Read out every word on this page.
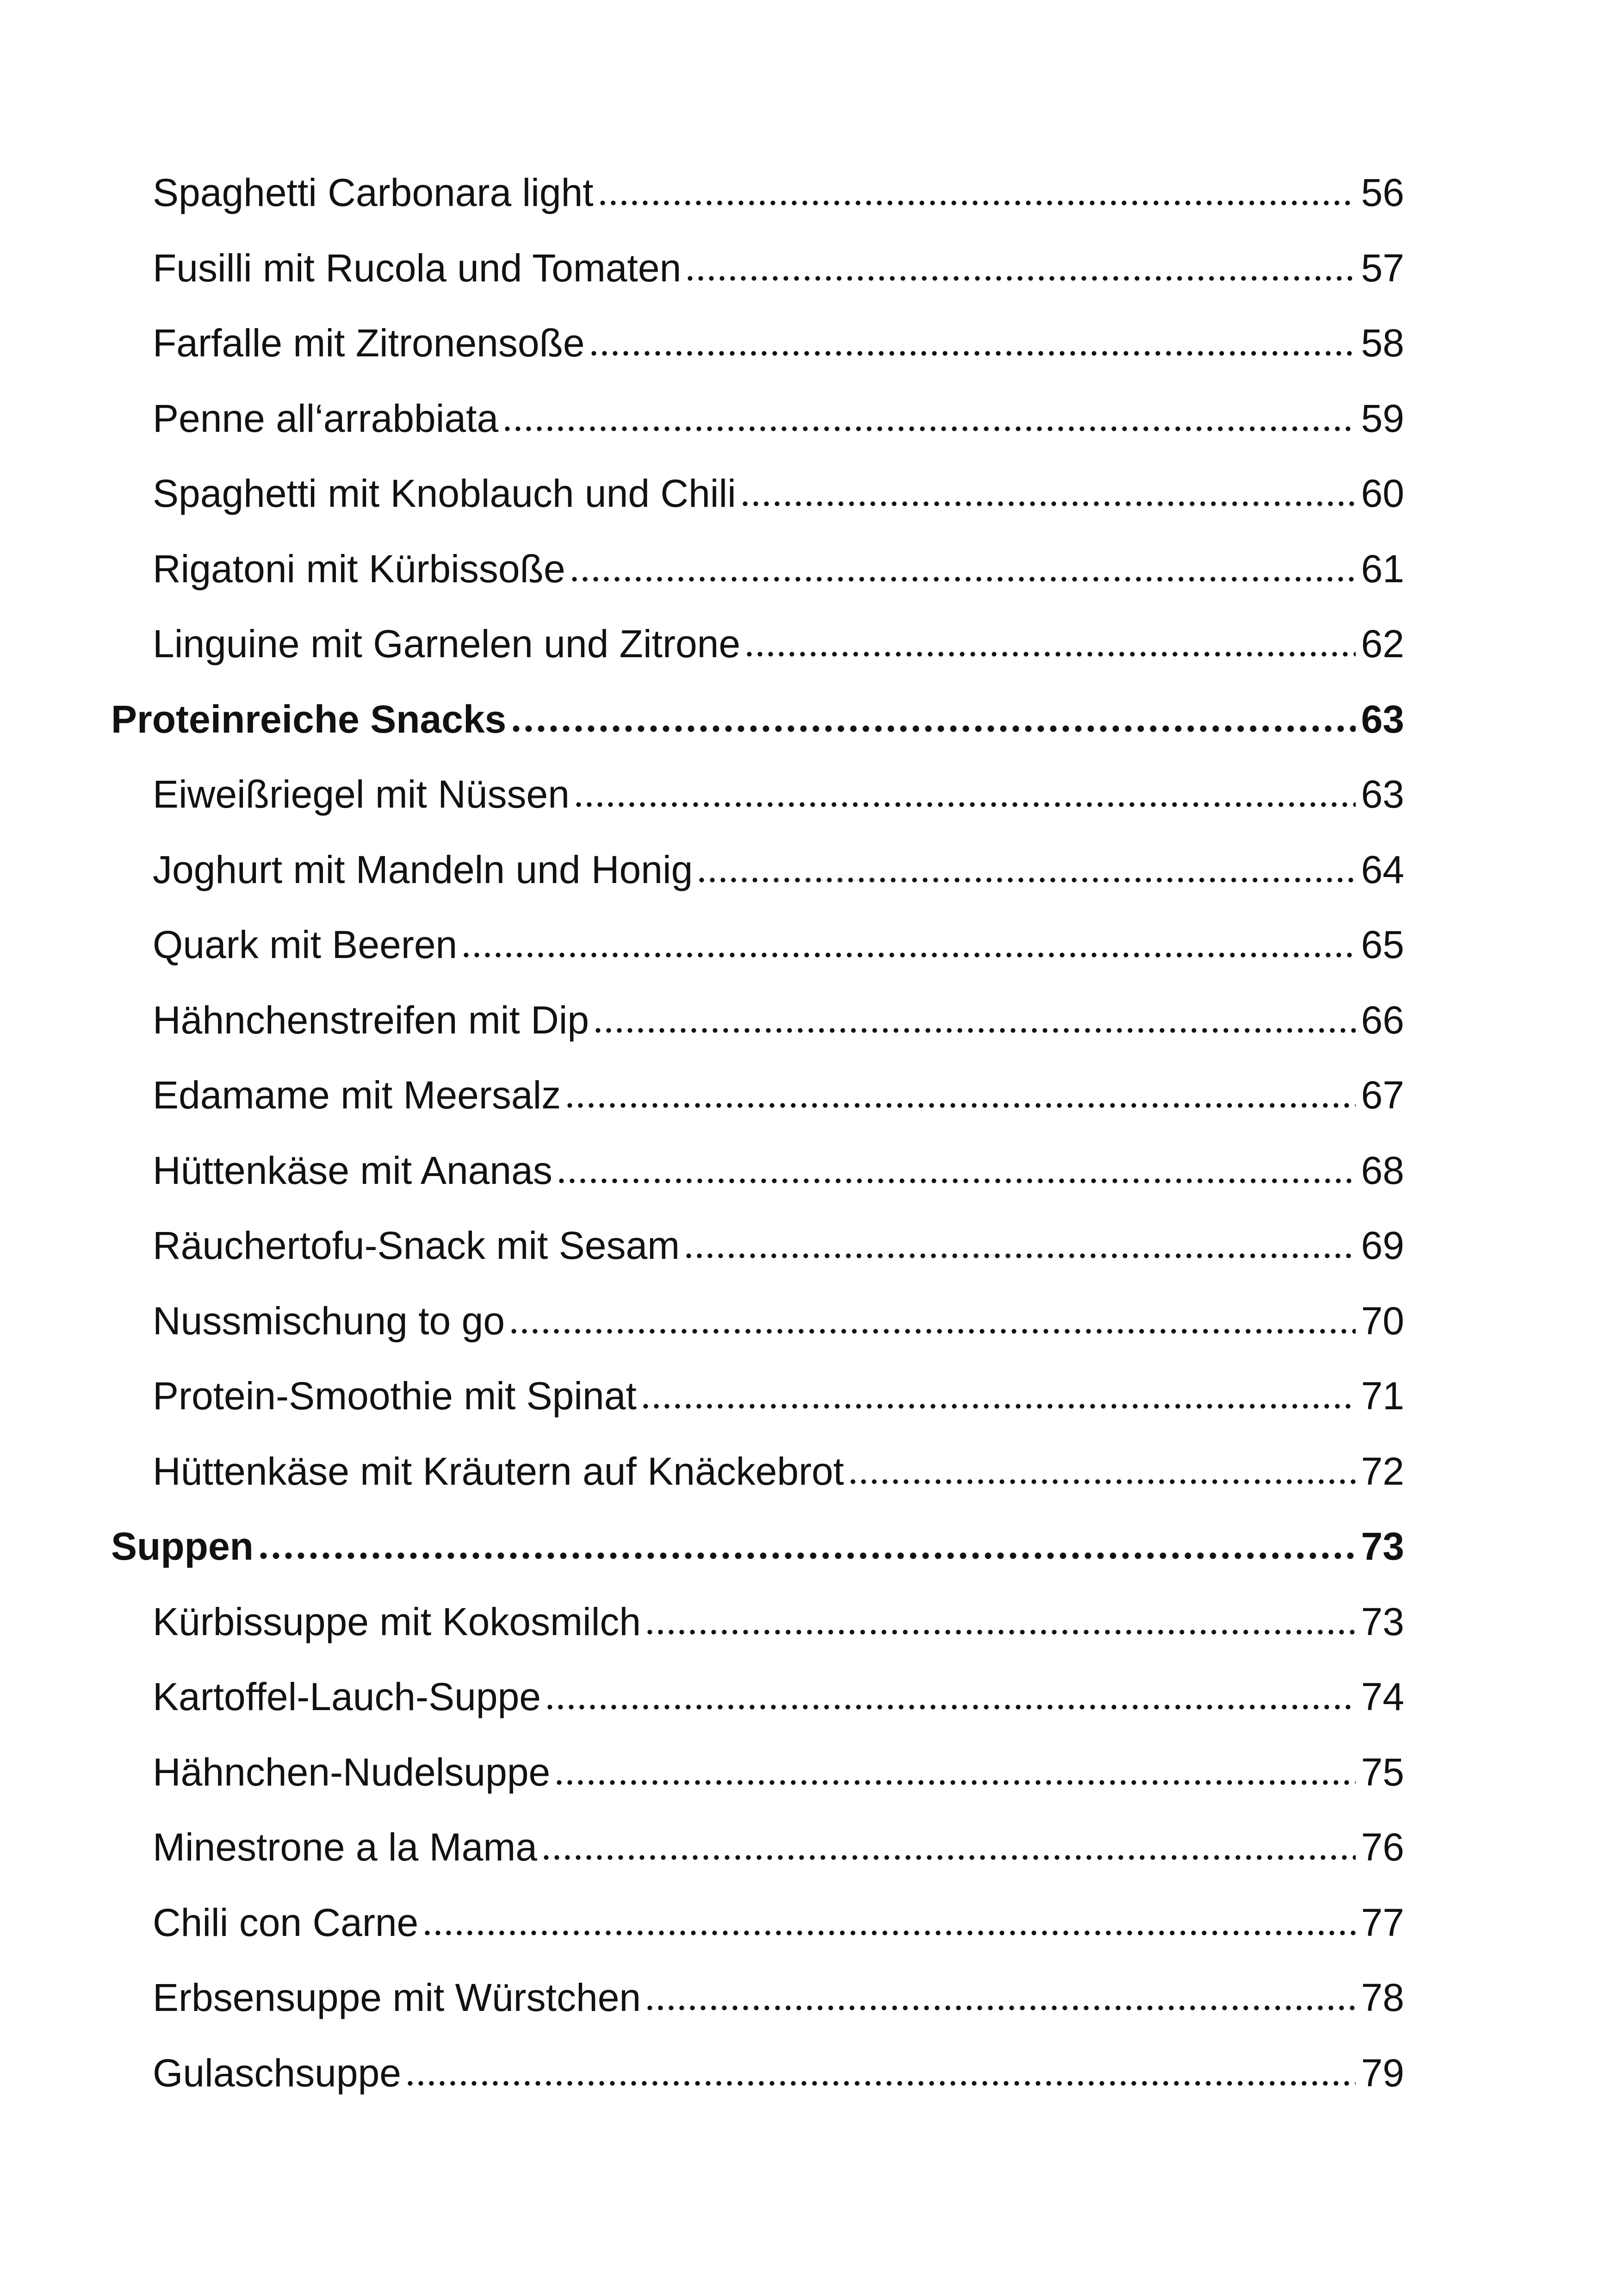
Spaghetti Carbonara light	56
Fusilli mit Rucola und Tomaten	57
Farfalle mit Zitronensoße	58
Penne all‘arrabbiata	59
Spaghetti mit Knoblauch und Chili	60
Rigatoni mit Kürbissoße	61
Linguine mit Garnelen und Zitrone	62
Proteinreiche Snacks	63
Eiweißriegel mit Nüssen	63
Joghurt mit Mandeln und Honig	64
Quark mit Beeren	65
Hähnchenstreifen mit Dip	66
Edamame mit Meersalz	67
Hüttenkäse mit Ananas	68
Räuchertofu-Snack mit Sesam	69
Nussmischung to go	70
Protein-Smoothie mit Spinat	71
Hüttenkäse mit Kräutern auf Knäckebrot	72
Suppen	73
Kürbissuppe mit Kokosmilch	73
Kartoffel-Lauch-Suppe	74
Hähnchen-Nudelsuppe	75
Minestrone a la Mama	76
Chili con Carne	77
Erbsensuppe mit Würstchen	78
Gulaschsuppe	79
